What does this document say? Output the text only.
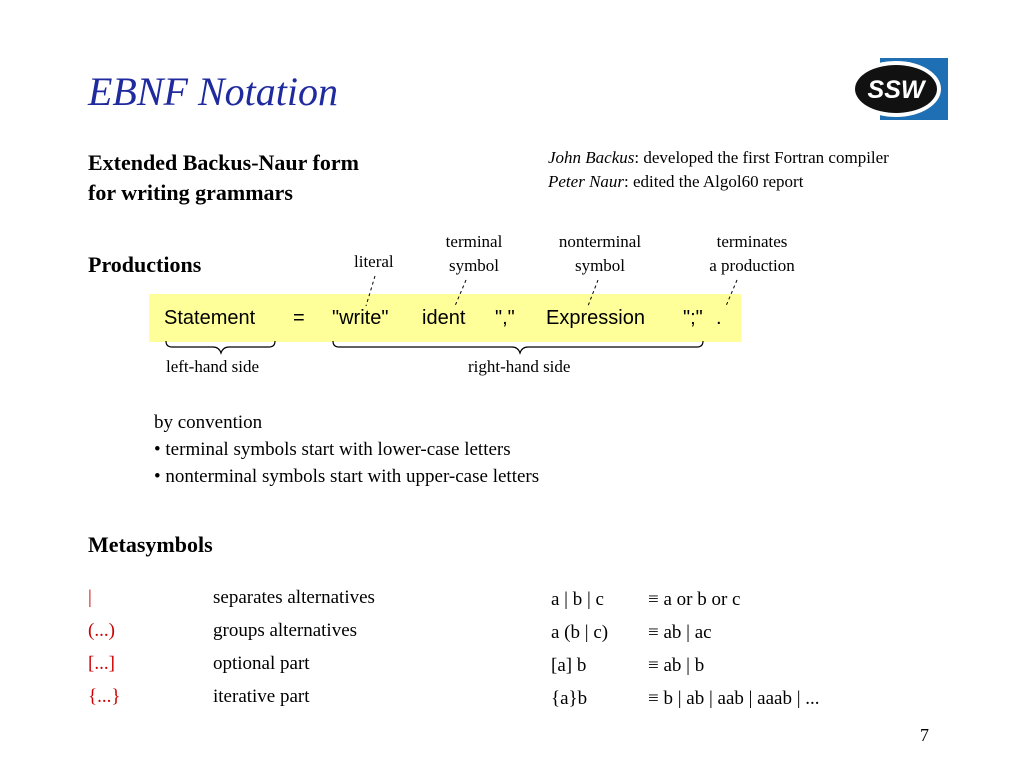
EBNF Notation	SSW
Extended Backus-Naur form
for writing grammars
John Backus: developed the first Fortran compiler
Peter Naur: edited the Algol60 report
Productions	literal
terminal
symbol
nonterminal
symbol
terminates
a production
Statement = "write" ident "," Expression ";" .
left-hand side	right-hand side
by convention
• terminal symbols start with lower-case letters
• nonterminal symbols start with upper-case letters
Metasymbols
|	separates alternatives	a | b | c ≡ a or b or c
(...)	groups alternatives	a (b | c) ≡ ab | ac
[...]	optional part	[a] b	≡ ab | b
{...}	iterative part	{a}b	≡ b | ab | aab | aaab | ...
7
